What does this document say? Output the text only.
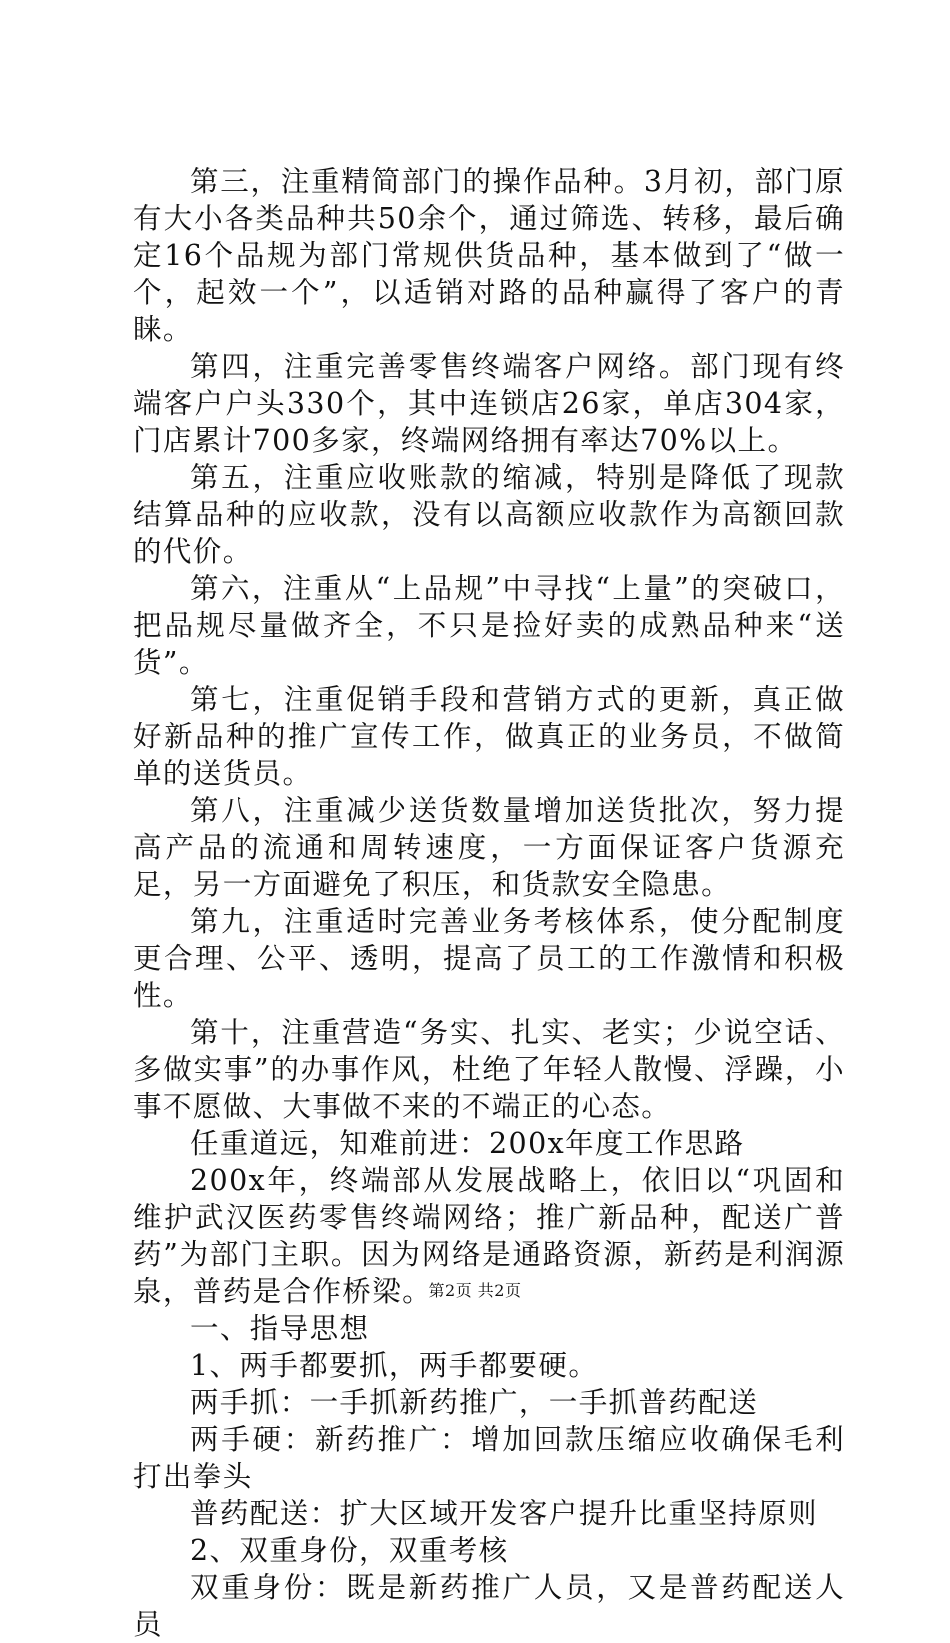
第三，注重精简部门的操作品种。3月初，部门原有大小各类品种共50余个，通过筛选、转移，最后确定16个品规为部门常规供货品种，基本做到了“做一个，起效一个”，以适销对路的品种赢得了客户的青睐。

第四，注重完善零售终端客户网络。部门现有终端客户户头330个，其中连锁店26家，单店304家，门店累计700多家，终端网络拥有率达70%以上。

第五，注重应收账款的缩减，特别是降低了现款结算品种的应收款，没有以高额应收款作为高额回款的代价。

第六，注重从“上品规”中寻找“上量”的突破口，把品规尽量做齐全，不只是捡好卖的成熟品种来“送货”。

第七，注重促销手段和营销方式的更新，真正做好新品种的推广宣传工作，做真正的业务员，不做简单的送货员。

第八，注重减少送货数量增加送货批次，努力提高产品的流通和周转速度，一方面保证客户货源充足，另一方面避免了积压，和货款安全隐患。

第九，注重适时完善业务考核体系，使分配制度更合理、公平、透明，提高了员工的工作激情和积极性。

第十，注重营造“务实、扎实、老实；少说空话、多做实事”的办事作风，杜绝了年轻人散慢、浮躁，小事不愿做、大事做不来的不端正的心态。

任重道远，知难前进：200x年度工作思路

200x年，终端部从发展战略上，依旧以“巩固和维护武汉医药零售终端网络；推广新品种，配送广普药”为部门主职。因为网络是通路资源，新药是利润源泉，普药是合作桥梁。

一、指导思想

1、两手都要抓，两手都要硬。

两手抓：一手抓新药推广，一手抓普药配送

两手硬：新药推广：增加回款压缩应收确保毛利打出拳头

普药配送：扩大区域开发客户提升比重坚持原则

2、双重身份，双重考核

双重身份：既是新药推广人员，又是普药配送人员

第2页 共2页
